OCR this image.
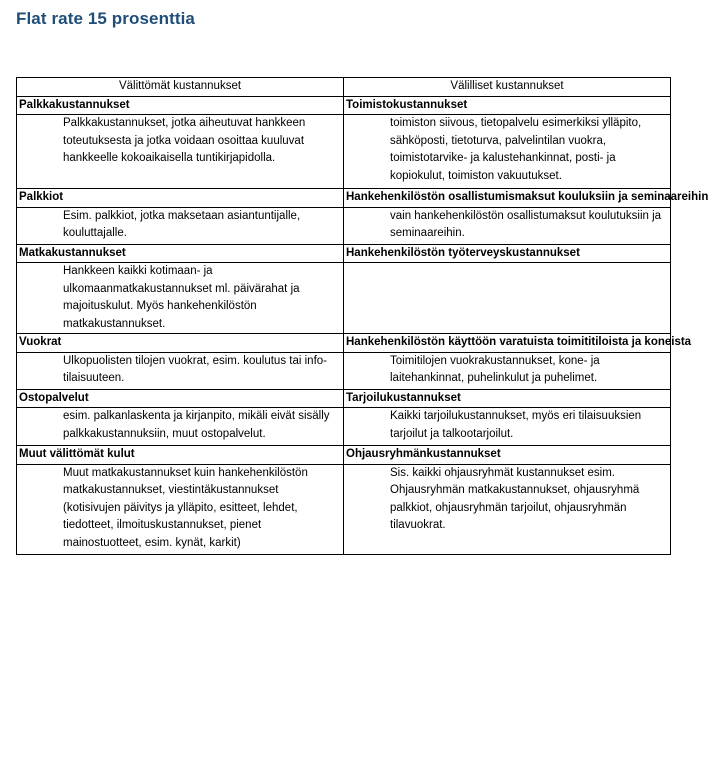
Flat rate 15 prosenttia
Välittömät kustannukset	Välilliset kustannukset
Palkkakustannukset	Toimistokustannukset
Palkkakustannukset, jotka aiheutuvat hankkeen toteutuksesta ja jotka voidaan osoittaa kuuluvat hankkeelle kokoaikaisella tuntikirjapidolla.	toimiston siivous, tietopalvelu esimerkiksi ylläpito, sähköposti, tietoturva, palvelintilan vuokra, toimistotarvike- ja kalustehankinnat, posti- ja kopiokulut, toimiston vakuutukset.
Palkkiot	Hankehenkilöstön osallistumismaksut kouluksiin ja seminaareihin
Esim. palkkiot, jotka maksetaan asiantuntijalle, kouluttajalle.	vain hankehenkilöstön osallistumaksut koulutuksiin ja seminaareihin.
Matkakustannukset	Hankehenkilöstön työterveyskustannukset
Hankkeen kaikki kotimaan- ja ulkomaanmatkakustannukset ml. päivärahat ja majoituskulut. Myös hankehenkilöstön matkakustannukset.	
Vuokrat	Hankehenkilöstön käyttöön varatuista toimititiloista ja koneista
Ulkopuolisten tilojen vuokrat, esim. koulutus tai info-tilaisuuteen.	Toimitilojen vuokrakustannukset, kone- ja laitehankinnat, puhelinkulut ja puhelimet.
Ostopalvelut	Tarjoilukustannukset
esim. palkanlaskenta ja kirjanpito, mikäli eivät sisälly palkkakustannuksiin, muut ostopalvelut.	Kaikki tarjoilukustannukset, myös eri tilaisuuksien tarjoilut ja talkootarjoilut.
Muut välittömät kulut	Ohjausryhmänkustannukset
Muut matkakustannukset kuin hankehenkilöstön matkakustannukset, viestintäkustannukset (kotisivujen päivitys ja ylläpito, esitteet, lehdet, tiedotteet, ilmoituskustannukset, pienet mainostuotteet, esim. kynät, karkit)	Sis. kaikki ohjausryhmät kustannukset esim. Ohjausryhmän matkakustannukset, ohjausryhmä palkkiot, ohjausryhmän tarjoilut, ohjausryhmän tilavuokrat.
